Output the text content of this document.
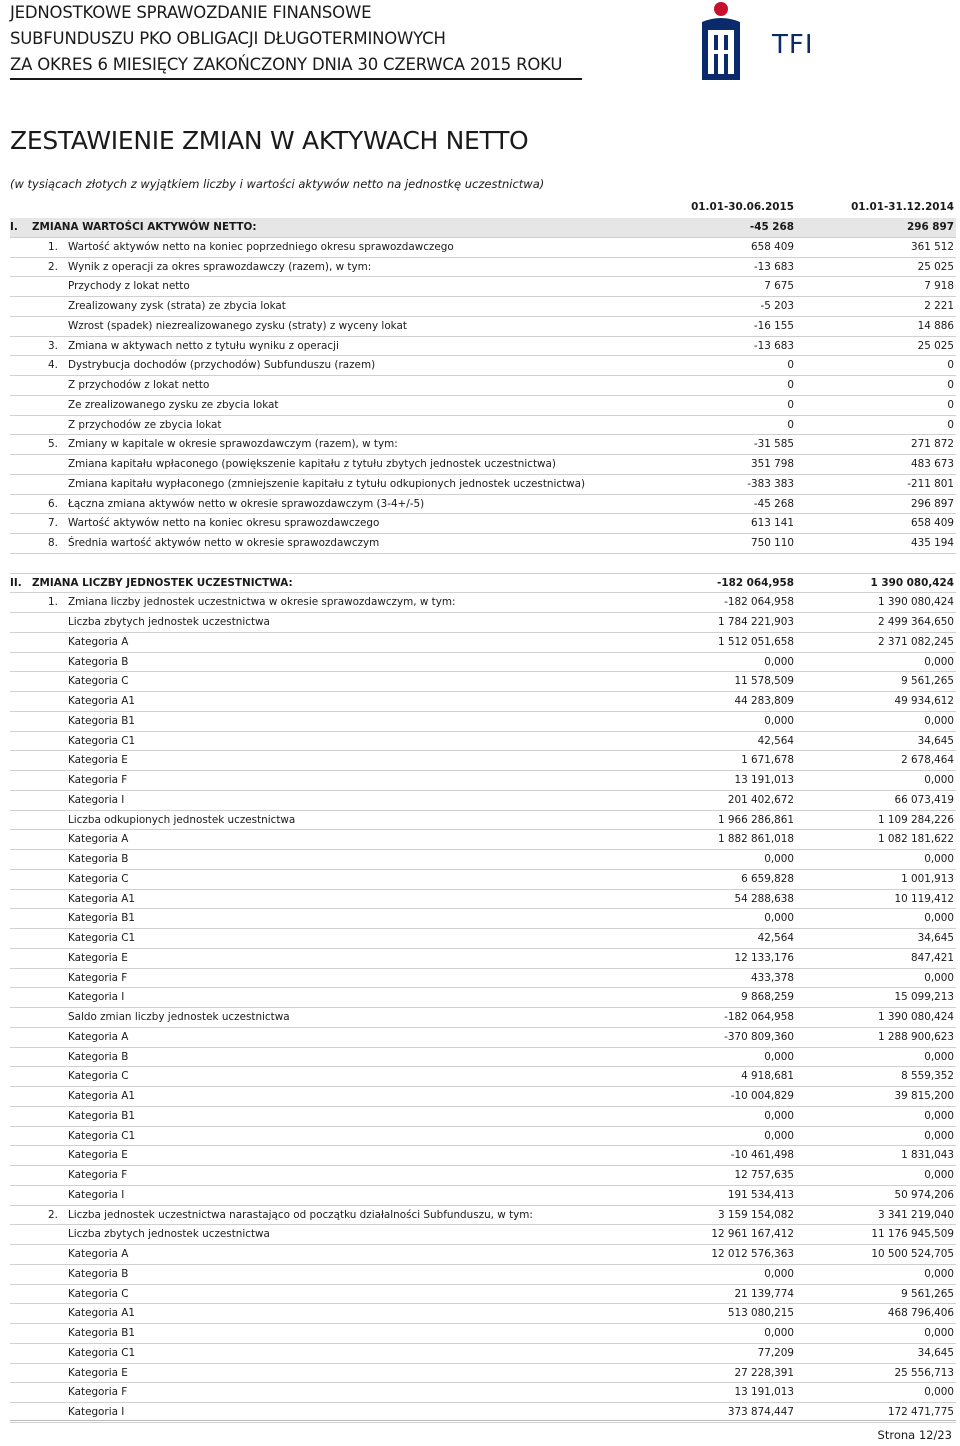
JEDNOSTKOWE SPRAWOZDANIE FINANSOWE
SUBFUNDUSZU PKO OBLIGACJI DŁUGOTERMINOWYCH
ZA OKRES 6 MIESIĘCY ZAKOŃCZONY DNIA 30 CZERWCA 2015 ROKU
TFI
ZESTAWIENIE ZMIAN W AKTYWACH NETTO
(w tysiącach złotych z wyjątkiem liczby i wartości aktywów netto na jednostkę uczestnictwa)
01.01-30.06.2015	01.01-31.12.2014
I. ZMIANA WARTOŚCI AKTYWÓW NETTO:	-45 268	296 897
1. Wartość aktywów netto na koniec poprzedniego okresu sprawozdawczego	658 409	361 512
2. Wynik z operacji za okres sprawozdawczy (razem), w tym:	-13 683	25 025
Przychody z lokat netto	7 675	7 918
Zrealizowany zysk (strata) ze zbycia lokat	-5 203	2 221
Wzrost (spadek) niezrealizowanego zysku (straty) z wyceny lokat	-16 155	14 886
3. Zmiana w aktywach netto z tytułu wyniku z operacji	-13 683	25 025
4. Dystrybucja dochodów (przychodów) Subfunduszu (razem)	0	0
Z przychodów z lokat netto	0	0
Ze zrealizowanego zysku ze zbycia lokat	0	0
Z przychodów ze zbycia lokat	0	0
5. Zmiany w kapitale w okresie sprawozdawczym (razem), w tym:	-31 585	271 872
Zmiana kapitału wpłaconego (powiększenie kapitału z tytułu zbytych jednostek uczestnictwa)	351 798	483 673
Zmiana kapitału wypłaconego (zmniejszenie kapitału z tytułu odkupionych jednostek uczestnictwa)	-383 383	-211 801
6. Łączna zmiana aktywów netto w okresie sprawozdawczym (3-4+/-5)	-45 268	296 897
7. Wartość aktywów netto na koniec okresu sprawozdawczego	613 141	658 409
8. Średnia wartość aktywów netto w okresie sprawozdawczym	750 110	435 194
II. ZMIANA LICZBY JEDNOSTEK UCZESTNICTWA:	-182 064,958	1 390 080,424
1. Zmiana liczby jednostek uczestnictwa w okresie sprawozdawczym, w tym:	-182 064,958	1 390 080,424
Liczba zbytych jednostek uczestnictwa	1 784 221,903	2 499 364,650
Kategoria A	1 512 051,658	2 371 082,245
Kategoria B	0,000	0,000
Kategoria C	11 578,509	9 561,265
Kategoria A1	44 283,809	49 934,612
Kategoria B1	0,000	0,000
Kategoria C1	42,564	34,645
Kategoria E	1 671,678	2 678,464
Kategoria F	13 191,013	0,000
Kategoria I	201 402,672	66 073,419
Liczba odkupionych jednostek uczestnictwa	1 966 286,861	1 109 284,226
Kategoria A	1 882 861,018	1 082 181,622
Kategoria B	0,000	0,000
Kategoria C	6 659,828	1 001,913
Kategoria A1	54 288,638	10 119,412
Kategoria B1	0,000	0,000
Kategoria C1	42,564	34,645
Kategoria E	12 133,176	847,421
Kategoria F	433,378	0,000
Kategoria I	9 868,259	15 099,213
Saldo zmian liczby jednostek uczestnictwa	-182 064,958	1 390 080,424
Kategoria A	-370 809,360	1 288 900,623
Kategoria B	0,000	0,000
Kategoria C	4 918,681	8 559,352
Kategoria A1	-10 004,829	39 815,200
Kategoria B1	0,000	0,000
Kategoria C1	0,000	0,000
Kategoria E	-10 461,498	1 831,043
Kategoria F	12 757,635	0,000
Kategoria I	191 534,413	50 974,206
2. Liczba jednostek uczestnictwa narastająco od początku działalności Subfunduszu, w tym:	3 159 154,082	3 341 219,040
Liczba zbytych jednostek uczestnictwa	12 961 167,412	11 176 945,509
Kategoria A	12 012 576,363	10 500 524,705
Kategoria B	0,000	0,000
Kategoria C	21 139,774	9 561,265
Kategoria A1	513 080,215	468 796,406
Kategoria B1	0,000	0,000
Kategoria C1	77,209	34,645
Kategoria E	27 228,391	25 556,713
Kategoria F	13 191,013	0,000
Kategoria I	373 874,447	172 471,775
Strona 12/23
